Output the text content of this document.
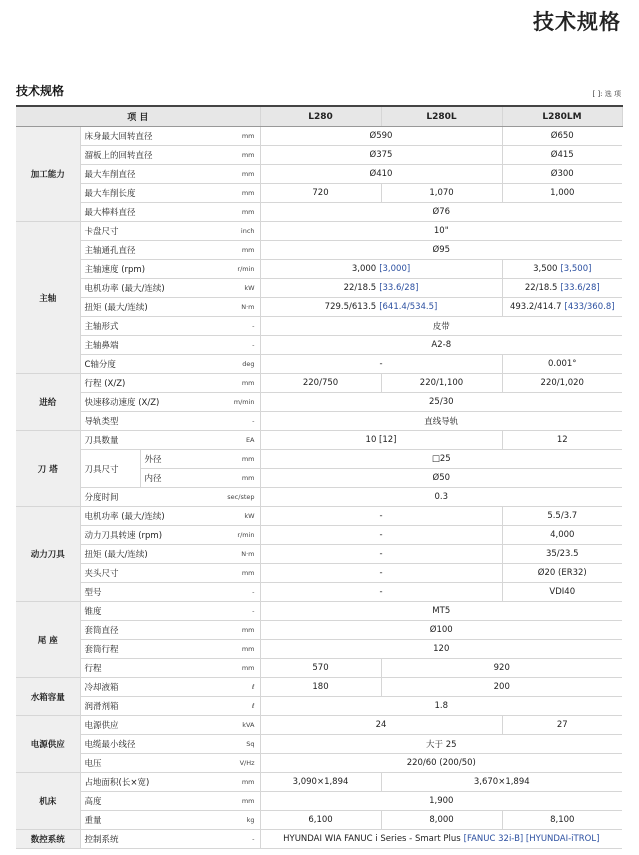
技术规格
技术规格	[ ]: 选 项
项 目				L280	L280L	L280LM
加工能力	床身最大回转直径		mm	Ø590		Ø650
	溜板上的回转直径		mm	Ø375		Ø415
	最大车削直径		mm	Ø410		Ø300
	最大车削长度		mm	720	1,070	1,000
	最大棒料直径		mm	Ø76		
主轴	卡盘尺寸		inch	10"		
	主轴通孔直径		mm	Ø95		
	主轴速度 (rpm)		r/min	3,000 [3,000]		3,500 [3,500]
	电机功率 (最大/连续)		kW	22/18.5 [33.6/28]		22/18.5 [33.6/28]
	扭矩 (最大/连续)		N·m	729.5/613.5 [641.4/534.5]		493.2/414.7 [433/360.8]
	主轴形式		-	皮带		
	主轴鼻端		-	A2-8		
	C轴分度		deg	-		0.001°
进给	行程 (X/Z)		mm	220/750	220/1,100	220/1,020
	快速移动速度 (X/Z)		m/min	25/30		
	导轨类型		-	直线导轨		
刀 塔	刀具数量		EA	10 [12]		12
	刀具尺寸	外径	mm	□25		
		内径	mm	Ø50		
	分度时间		sec/step	0.3		
动力刀具	电机功率 (最大/连续)		kW	-		5.5/3.7
	动力刀具转速 (rpm)		r/min	-		4,000
	扭矩 (最大/连续)		N·m	-		35/23.5
	夹头尺寸		mm	-		Ø20 (ER32)
	型号		-	-		VDI40
尾 座	锥度		-	MT5		
	套筒直径		mm	Ø100		
	套筒行程		mm	120		
	行程		mm	570	920	
水箱容量	冷却液箱		ℓ	180	200	
	润滑剂箱		ℓ	1.8		
电源供应	电源供应		kVA	24		27
	电缆最小线径		Sq	大于 25		
	电压		V/Hz	220/60 (200/50)		
机床	占地面积(长×宽)		mm	3,090×1,894	3,670×1,894	
	高度		mm	1,900		
	重量		kg	6,100	8,000	8,100
数控系统	控制系统		-	HYUNDAI WIA FANUC i Series - Smart Plus [FANUC 32i-B] [HYUNDAI-iTROL]		
